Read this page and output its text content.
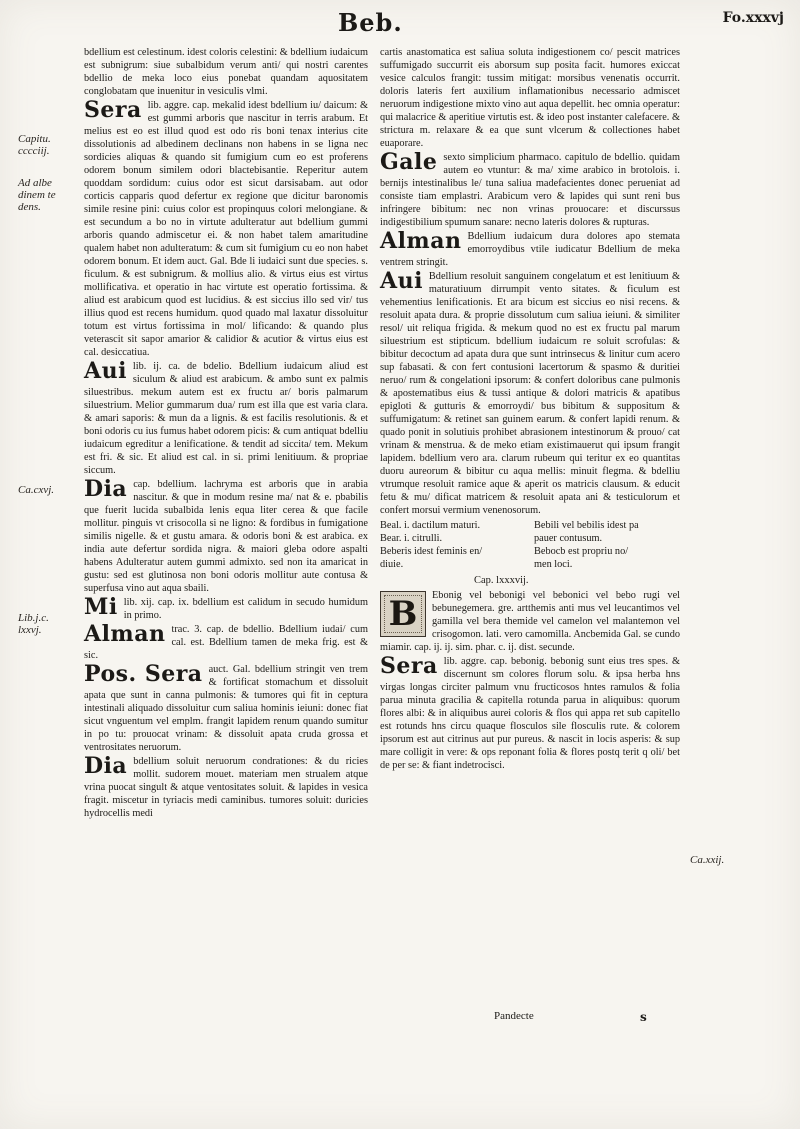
Beb.	Fo.xxxvj
Capitu. cccciij.
Ad albe dinem te dens.
Ca.cxvj.
Lib.j.c. lxxvj.
Ca.xxij.

bdellium est celestinum. idest coloris celestini: & bdellium iudaicum est subnigrum: siue subalbidum verum anti/ qui nostri carentes bdellio de meka loco eius ponebat quandam aquositatem conglobatam que inuenitur in vesiculis vlmi.

Sera lib. aggre. cap. mekalid idest bdellium iu/ daicum: & est gummi arboris que nascitur in terris arabum. Et melius est eo est illud quod est odo ris boni tenax interius cite dissolutionis ad albedinem declinans non habens in se ligna nec sordicies aliquas & quando sit fumigium cum eo est proferens odorem bonum similem odori blactebisantie. Reperitur autem quoddam sordidum: cuius odor est sicut darsisabam. aut odor corticis capparis quod defertur ex regione que dicitur baronomis simile resine pini: cuius color est propinquus colori melongiane. & est secundum a bo no in virtute adulteratur aut bdellium gummi arboris quando admiscetur ei. & non habet talem amaritudine qualem habet non adulteratum: & cum sit fumigium cu eo non habet odorem bonum. Et idem auct. Gal. Bde li iudaici sunt due species. s. ficulum. & est subnigrum. & mollius alio. & virtus eius est virtus mollificativa. et operatio in hac virtute est operatio fortissima. & aliud est arabicum quod est lucidius. & est siccius illo sed vir/ tus illius quod est recens humidum. quod quado mal laxatur dissoluitur totum est virtus fortissima in mol/ lificando: & quando plus veterascit sit sapor amarior & calidior & acutior & virtus eius est cal. desiccatiua.

Aui lib. ij. ca. de bdelio. Bdellium iudaicum aliud est siculum & aliud est arabicum. & ambo sunt ex palmis siluestribus. mekum autem est ex fructu ar/ boris palmarum siluestrium. Melior gummarum dua/ rum est illa que est varia clara. & amari saporis: & mun da a lignis. & est facilis resolutionis. & et boni odoris cu ius fumus habet odorem picis: & cum antiquat bdelliu iudaicum egreditur a lenificatione. & tendit ad siccita/ tem. Mekum est fri. & sic. Et aliud est cal. in si. primi lenitiuum. & propriae siccum.

Dia cap. bdellium. lachryma est arboris que in arabia nascitur. & que in modum resine ma/ nat & e. pbabilis que fuerit lucida subalbida lenis equa liter cerea & que facile mollitur. pinguis vt crisocolla si ne ligno: & fordibus in fumigatione similis nigelle. & et gustu amara. & odoris boni & est arabica. ex india aute defertur sordida nigra. & maiori gleba odore aspalti habens Adulteratur autem gummi admixto. sed non ita amaricat in gustu: sed est glutinosa non boni odoris mollitur aute contusa & superfusa vino aut aqua sbaili.

Mi lib. xij. cap. ix. bdellium est calidum in secudo humidum in primo.

Alman trac. 3. cap. de bdellio. Bdellium iudai/ cum cal. est. Bdellium tamen de meka frig. est & sic.

Pos. Sera auct. Gal. bdellium stringit ven trem & fortificat stomachum et dissoluit apata que sunt in canna pulmonis: & tumores qui fit in ceptura intestinali aliquado dissoluitur cum saliua hominis ieiuni: donec fiat sicut vnguentum vel emplm. frangit lapidem renum quando sumitur in po tu: prouocat vrinam: & dissoluit apata cruda grossa et ventrositates neruorum.

Dia bdellium soluit neruorum condrationes: & du ricies mollit. sudorem mouet. materiam men strualem atque vrina puocat singult & atque ventositates soluit. & lapides in vesica fragit. miscetur in tyriacis medi caminibus. tumores soluit: duricies hydrocellis medi

cartis anastomatica est saliua soluta indigestionem co/ pescit matrices suffumigado succurrit eis aborsum sup posita facit. humores exiccat vesice calculos frangit: tussim mitigat: morsibus venenatis occurrit. doloris lateris fert auxilium inflamationibus necessario admiscet neruorum indigestione mixto vino aut aqua depellit. hec omnia operatur: qui malacrice & aperitiue virtutis est. & ideo post instanter calefacere. & strictura m. relaxare & ea que sunt vlcerum & collectiones habet euaporare.

Gale sexto simplicium pharmaco. capitulo de bdellio. quidam autem eo vtuntur: & ma/ xime arabico in brotolois. i. bernijs intestinalibus le/ tuna saliua madefacientes donec perueniat ad consiste tiam emplastri. Arabicum vero & lapides qui sunt reni bus infringere bibitum: nec non vrinas prouocare: et discurssus indigestibilium spumum sanare: necno lateris dolores & rupturas.

Alman Bdellium iudaicum dura dolores apo stemata emorroydibus vtile iudicatur Bdellium de meka ventrem stringit.

Aui Bdellium resoluit sanguinem congelatum et est lenitiuum & maturatiuum dirrumpit vento sitates. & ficulum est vehementius lenificationis. Et ara bicum est siccius eo nisi recens. & resoluit apata dura. & proprie dissolutum cum saliua ieiuni. & similiter resol/ uit reliqua frigida. & mekum quod no est ex fructu pal marum siluestrium est stipticum. bdellium iudaicum re soluit scrofulas: & bibitur decoctum ad apata dura que sunt intrinsecus & linitur cum acero sup fabasati. & con fert contusioni lacertorum & spasmo & duritiei neruo/ rum & congelationi ipsorum: & confert doloribus cane pulmonis & apostematibus eius & tussi antique & dolori matricis & apatibus epigloti & gutturis & emorroydi/ bus bibitum & suppositum & suffumigatum: & retinet san guinem earum. & confert lapidi renum. & quado ponit in solutiuis prohibet abrasionem intestinorum & prouo/ cat vrinam & menstrua. & de meko etiam existimauerut qui ipsum frangit lapidem. bdellium vero ara. clarum rubeum qui teritur ex eo quantitas duoru aureorum & bibitur cu aqua mellis: minuit flegma. & bdelliu vtrumque resoluit ramice aque & aperit os matricis clausum. & educit fetu & mu/ dificat matricem & resoluit apata ani & testiculorum et confert morsui vermium venenosorum.

Beal. i. dactilum maturi.	Bebili vel bebilis idest pa
Bear. i. citrulli.	pauer contusum.
Beberis idest feminis en/	Bebocb est propriu no/
diuie.	men loci.
Cap. lxxxvij.
B	Ebonig vel bebonigi vel bebonici vel bebo rugi vel bebunegemera. gre. artthemis anti mus vel leucantimos vel gamilla vel bera themide vel camelon vel malantemon vel crisogomon. lati. vero camomilla. Ancbemida Gal. se cundo miamir. cap. ij. ij. sim. phar. c. ij. dist. secunde.

Sera lib. aggre. cap. bebonig. bebonig sunt eius tres spes. & discernunt sm colores florum solu. & ipsa herba hns virgas longas circiter palmum vnu fructicosos hntes ramulos & folia parua minuta gracilia & capitella rotunda parua in aliquibus: quorum flores albi: & in aliquibus aurei coloris & flos qui appa ret sub capitello est rotunds hns circu quaque flosculos sile flosculis rute. & colorem ipsorum est aut citrinus aut pur pureus. & nascit in locis asperis: & sup mare colligit in vere: & ops reponant folia & flores postq terit q oli/ bet de per se: & fiant indetrocisci.

Pandecte	s
